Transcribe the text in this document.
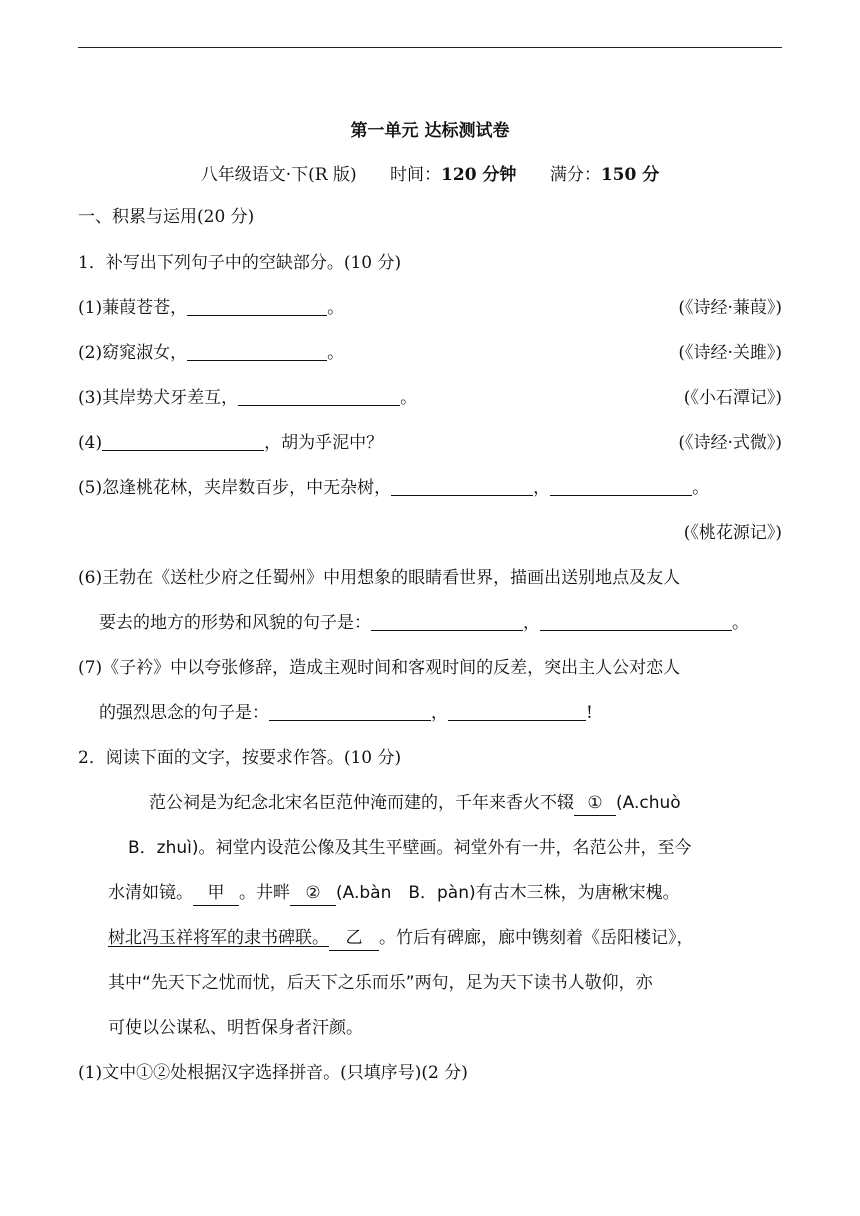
第一单元 达标测试卷
八年级语文·下(R 版) 时间：120 分钟 满分：150 分
一、积累与运用(20 分)
1．补写出下列句子中的空缺部分。(10 分)
(1)蒹葭苍苍，	。	(《诗经·蒹葭》)
(2)窈窕淑女，	。	(《诗经·关雎》)
(3)其岸势犬牙差互，	。	(《小石潭记》)
(4)	，胡为乎泥中？	(《诗经·式微》)
(5)忽逢桃花林，夹岸数百步，中无杂树，	，	。
(《桃花源记》)
(6)王勃在《送杜少府之任蜀州》中用想象的眼睛看世界，描画出送别地点及友人
要去的地方的形势和风貌的句子是：	，	。
(7)《子衿》中以夸张修辞，造成主观时间和客观时间的反差，突出主人公对恋人
的强烈思念的句子是：	，	!
2．阅读下面的文字，按要求作答。(10 分)
范公祠是为纪念北宋名臣范仲淹而建的，千年来香火不辍 ① (A.chuò
B．zhuì)。祠堂内设范公像及其生平壁画。祠堂外有一井，名范公井，至今
水清如镜。 甲 。井畔 ② (A.bàn　B．pàn)有古木三株，为唐楸宋槐。
树北冯玉祥将军的隶书碑联。 乙 。竹后有碑廊，廊中镌刻着《岳阳楼记》，
其中“先天下之忧而忧，后天下之乐而乐”两句，足为天下读书人敬仰，亦
可使以公谋私、明哲保身者汗颜。
(1)文中①②处根据汉字选择拼音。(只填序号)(2 分)
